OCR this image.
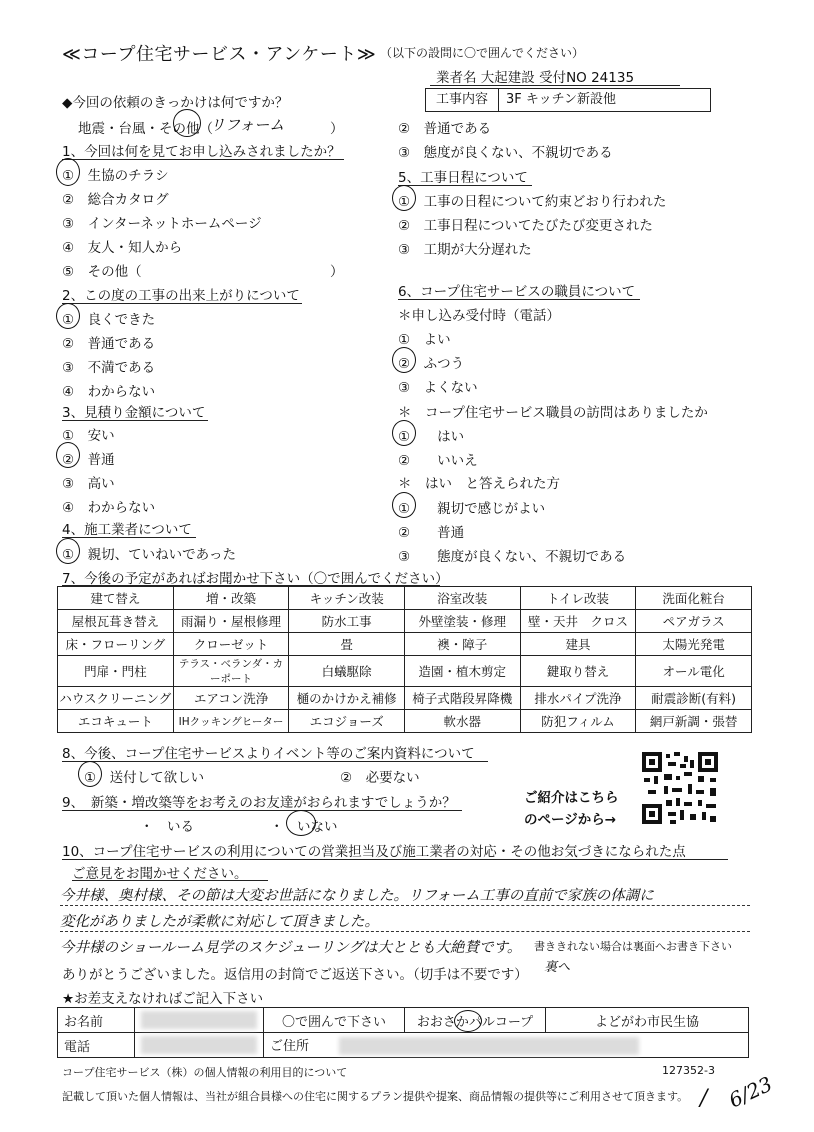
≪コープ住宅サービス・アンケート≫ （以下の設問に〇で囲んでください）
業者名 大起建設 受付NO 24135
工事内容	3F キッチン新設他
◆今回の依頼のきっかけは何ですか？
地震・台風・その他（
リフォーム	）
1、今回は何を見てお申し込みされましたか？
①　生協のチラシ
②　総合カタログ
③　インターネットホームページ
④　友人・知人から
⑤　その他（	）
2、この度の工事の出来上がりについて
①　良くできた
②　普通である
③　不満である
④　わからない
3、見積り金額について
①　安い
②　普通
③　高い
④　わからない
4、施工業者について
①　親切、ていねいであった
②　普通である
③　態度が良くない、不親切である
5、工事日程について
①　工事の日程について約束どおり行われた
②　工事日程についてたびたび変更された
③　工期が大分遅れた
6、コープ住宅サービスの職員について
＊申し込み受付時（電話）
①　よい
②　ふつう
③　よくない
＊　コープ住宅サービス職員の訪問はありましたか
①　　はい
②　　いいえ
＊　はい　と答えられた方
①　　親切で感じがよい
②　　普通
③　　態度が良くない、不親切である
7、今後の予定があればお聞かせ下さい（〇で囲んでください）
建て替え	増・改築	キッチン改装	浴室改装	トイレ改装	洗面化粧台
屋根瓦葺き替え	雨漏り・屋根修理	防水工事	外壁塗装・修理	壁・天井　クロス	ペアガラス
床・フローリング	クローゼット	畳	襖・障子	建具	太陽光発電
門扉・門柱	テラス・ベランダ・カーポート	白蟻駆除	造園・植木剪定	鍵取り替え	オール電化
ハウスクリーニング	エアコン洗浄	樋のかけかえ補修	椅子式階段昇降機	排水パイプ洗浄	耐震診断(有料)
エコキュート	IHクッキングヒーター	エコジョーズ	軟水器	防犯フィルム	網戸新調・張替
8、今後、コープ住宅サービスよりイベント等のご案内資料について
①　送付して欲しい	②　必要ない
9、　新築・増改築等をお考えのお友達がおられますでしょうか？
・　いる	・　いない
ご紹介はこちら
のページから→
10、コープ住宅サービスの利用についての営業担当及び施工業者の対応・その他お気づきになられた点
ご意見をお聞かせください。
今井様、奥村様、その節は大変お世話になりました。リフォーム工事の直前で家族の体調に
変化がありましたが柔軟に対応して頂きました。
今井様のショールーム見学のスケジューリングは大ととも大絶賛です。 書ききれない場合は裏面へお書き下さい
裏へ
ありがとうございました。返信用の封筒でご返送下さい。（切手は不要です）
★お差支えなければご記入下さい
お名前		〇で囲んで下さい	おおさかパルコープ	よどがわ市民生協
電話		ご住所		
コープ住宅サービス（株）の個人情報の利用目的について	127352-3
記載して頂いた個人情報は、当社が組合員様への住宅に関するプラン提供や提案、商品情報の提供等にご利用させて頂きます。 6/23
/
